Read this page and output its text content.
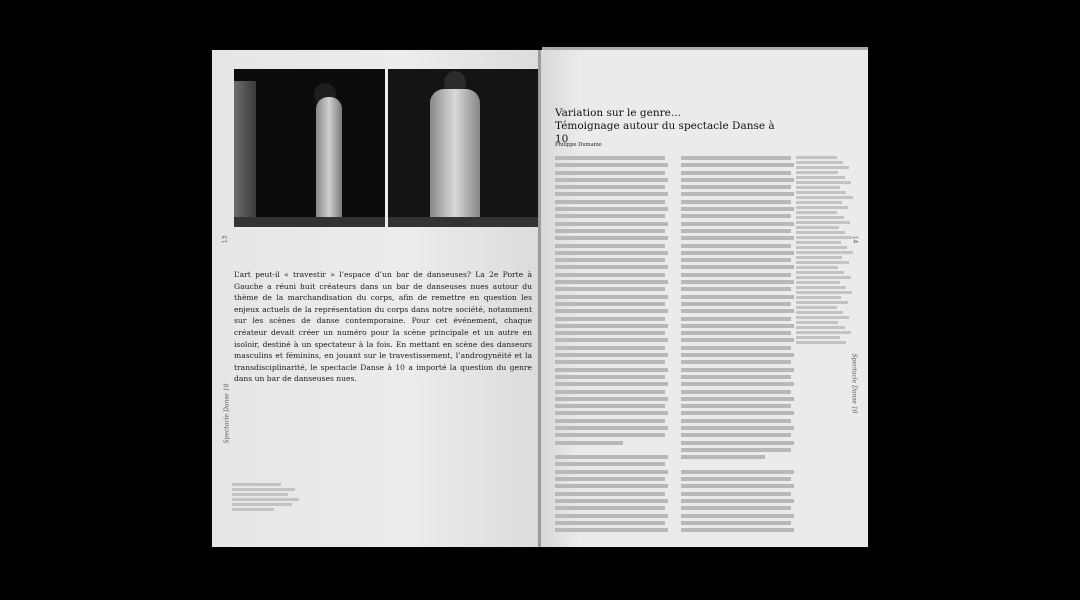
13
Spectacle Danse 10
L’art peut-il « travestir » l’espace d’un bar de danseuses? La 2e Porte à Gauche a réuni huit créateurs dans un bar de danseuses nues autour du thème de la marchandisation du corps, afin de remettre en question les enjeux actuels de la représentation du corps dans notre société, notamment sur les scènes de danse contemporaine. Pour cet événement, chaque créateur devait créer un numéro pour la scène principale et un autre en isoloir, destiné à un spectateur à la fois. En mettant en scène des danseurs masculins et féminins, en jouant sur le travestissement, l’androgynéité et la transdisciplinarité, le spectacle Danse à 10 a importé la question du genre dans un bar de danseuses nues.
14
Spectacle Danse 10
Variation sur le genre...
Témoignage autour du spectacle Danse à 10
Philippe Dumaine
